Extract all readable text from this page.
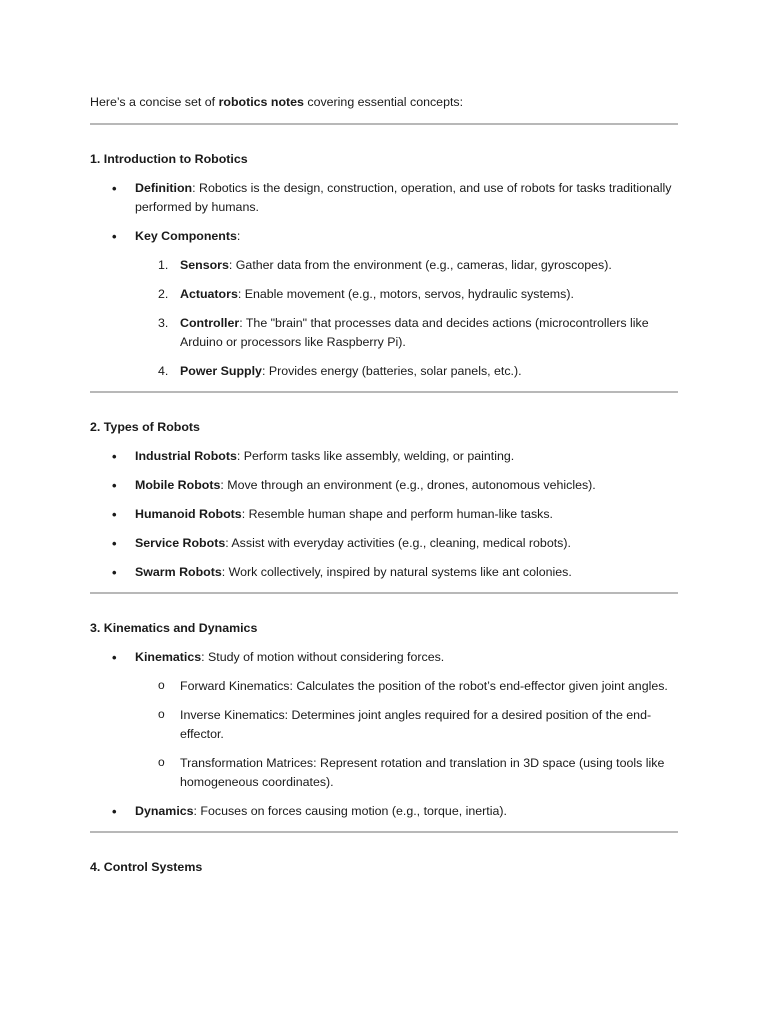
Here’s a concise set of robotics notes covering essential concepts:

1. Introduction to Robotics
• Definition: Robotics is the design, construction, operation, and use of robots for tasks traditionally performed by humans.
• Key Components:
1. Sensors: Gather data from the environment (e.g., cameras, lidar, gyroscopes).
2. Actuators: Enable movement (e.g., motors, servos, hydraulic systems).
3. Controller: The "brain" that processes data and decides actions (microcontrollers like Arduino or processors like Raspberry Pi).
4. Power Supply: Provides energy (batteries, solar panels, etc.).
2. Types of Robots
• Industrial Robots: Perform tasks like assembly, welding, or painting.
• Mobile Robots: Move through an environment (e.g., drones, autonomous vehicles).
• Humanoid Robots: Resemble human shape and perform human-like tasks.
• Service Robots: Assist with everyday activities (e.g., cleaning, medical robots).
• Swarm Robots: Work collectively, inspired by natural systems like ant colonies.
3. Kinematics and Dynamics
• Kinematics: Study of motion without considering forces.
o Forward Kinematics: Calculates the position of the robot’s end-effector given joint angles.
o Inverse Kinematics: Determines joint angles required for a desired position of the end-effector.
o Transformation Matrices: Represent rotation and translation in 3D space (using tools like homogeneous coordinates).
• Dynamics: Focuses on forces causing motion (e.g., torque, inertia).
4. Control Systems
